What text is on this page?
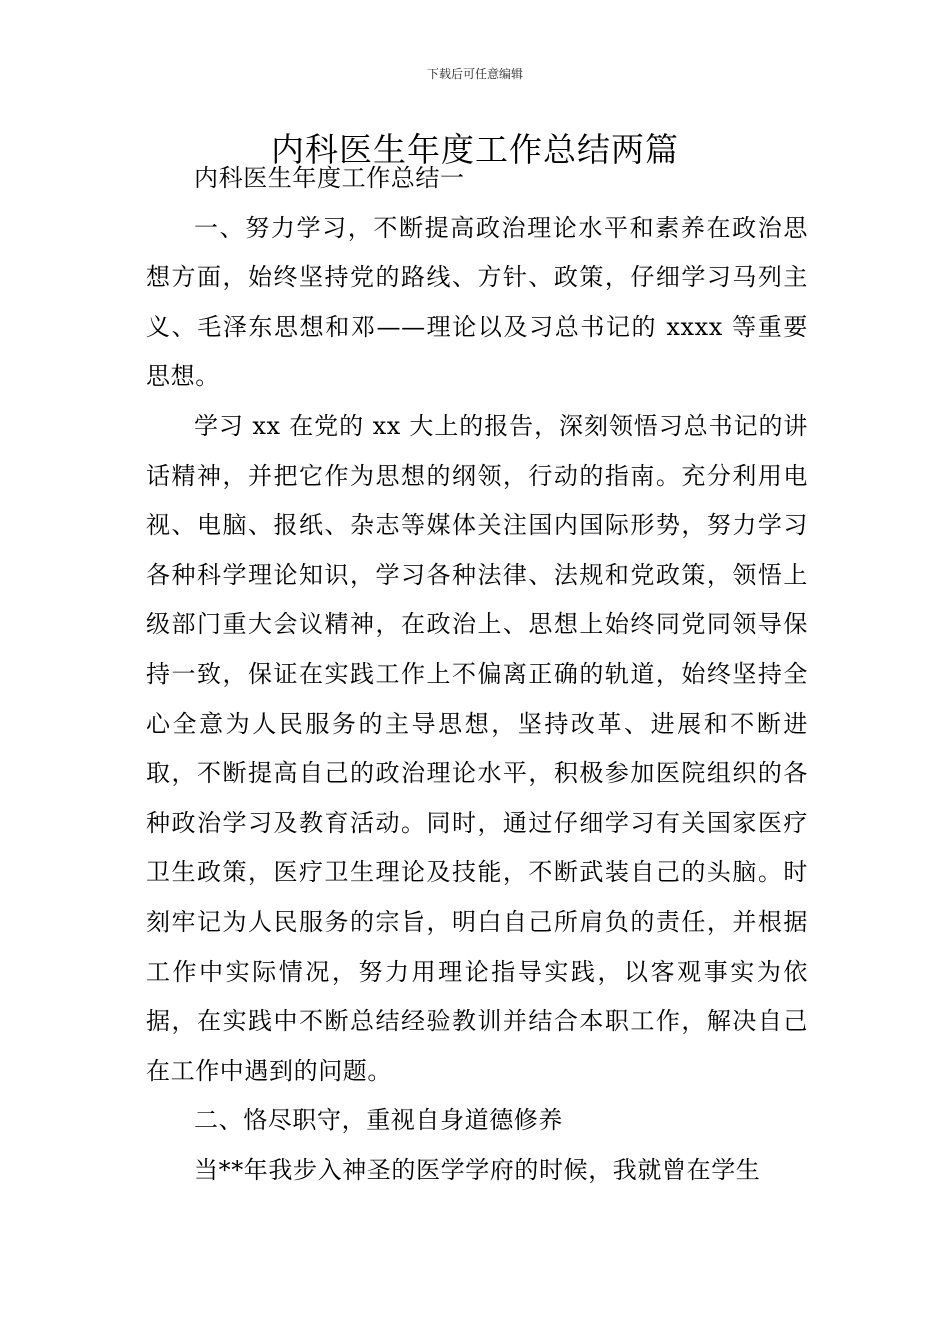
下载后可任意编辑
内科医生年度工作总结两篇

内科医生年度工作总结一

一、努力学习，不断提高政治理论水平和素养在政治思想方面，始终坚持党的路线、方针、政策，仔细学习马列主义、毛泽东思想和邓——理论以及习总书记的 xxxx 等重要思想。

学习 xx 在党的 xx 大上的报告，深刻领悟习总书记的讲话精神，并把它作为思想的纲领，行动的指南。充分利用电视、电脑、报纸、杂志等媒体关注国内国际形势，努力学习各种科学理论知识，学习各种法律、法规和党政策，领悟上级部门重大会议精神，在政治上、思想上始终同党同领导保持一致，保证在实践工作上不偏离正确的轨道，始终坚持全心全意为人民服务的主导思想，坚持改革、进展和不断进取，不断提高自己的政治理论水平，积极参加医院组织的各种政治学习及教育活动。同时，通过仔细学习有关国家医疗卫生政策，医疗卫生理论及技能，不断武装自己的头脑。时刻牢记为人民服务的宗旨，明白自己所肩负的责任，并根据工作中实际情况，努力用理论指导实践，以客观事实为依据，在实践中不断总结经验教训并结合本职工作，解决自己在工作中遇到的问题。

二、恪尽职守，重视自身道德修养

当**年我步入神圣的医学学府的时候，我就曾在学生
